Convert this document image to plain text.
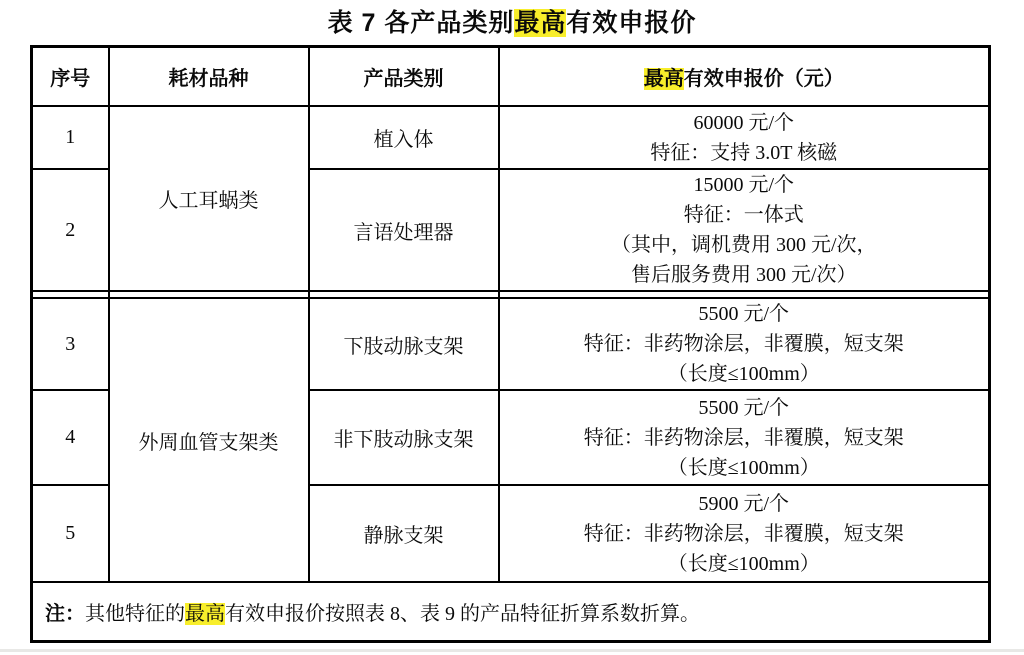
表 7 各产品类别最高有效申报价
序号	耗材品种	产品类别	最高有效申报价（元）
1	人工耳蜗类	植入体	60000 元/个
特征：支持 3.0T 核磁

2		言语处理器	15000 元/个
特征：一体式
（其中，调机费用 300 元/次，
售后服务费用 300 元/次）

3	外周血管支架类	下肢动脉支架	5500 元/个
特征：非药物涂层，非覆膜，短支架
（长度≤100mm）

4		非下肢动脉支架	5500 元/个
特征：非药物涂层，非覆膜，短支架
（长度≤100mm）

5		静脉支架	5900 元/个
特征：非药物涂层，非覆膜，短支架
（长度≤100mm）

注：其他特征的最高有效申报价按照表 8、表 9 的产品特征折算系数折算。			
